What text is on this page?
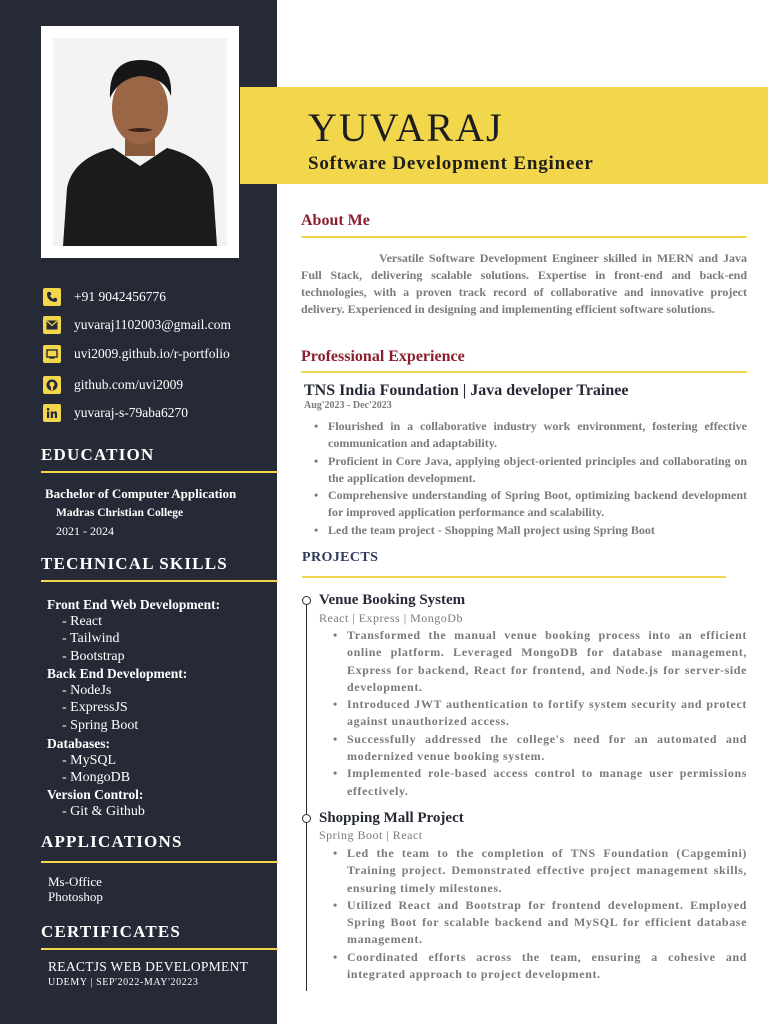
+91 9042456776
yuvaraj1102003@gmail.com
uvi2009.github.io/r-portfolio
github.com/uvi2009
yuvaraj-s-79aba6270
EDUCATION
Bachelor of Computer Application
Madras Christian College
2021 - 2024
TECHNICAL SKILLS
Front End Web Development:
- React
- Tailwind
- Bootstrap
Back End Development:
- NodeJs
- ExpressJS
- Spring Boot
Databases:
- MySQL
- MongoDB
Version Control:
- Git & Github
APPLICATIONS
Ms-Office
Photoshop
CERTIFICATES
REACTJS WEB DEVELOPMENT
UDEMY | SEP'2022-MAY'20223
YUVARAJ
Software Development Engineer
About Me
Versatile Software Development Engineer skilled in MERN and Java Full Stack, delivering scalable solutions. Expertise in front-end and back-end technologies, with a proven track record of collaborative and innovative project delivery. Experienced in designing and implementing efficient software solutions.
Professional Experience
TNS India Foundation | Java developer Trainee
Aug'2023 - Dec'2023
• Flourished in a collaborative industry work environment, fostering effective communication and adaptability.
• Proficient in Core Java, applying object-oriented principles and collaborating on the application development.
• Comprehensive understanding of Spring Boot, optimizing backend development for improved application performance and scalability.
• Led the team project - Shopping Mall project using Spring Boot
PROJECTS
Venue Booking System
React | Express | MongoDb
• Transformed the manual venue booking process into an efficient online platform. Leveraged MongoDB for database management, Express for backend, React for frontend, and Node.js for server-side development.
• Introduced JWT authentication to fortify system security and protect against unauthorized access.
• Successfully addressed the college's need for an automated and modernized venue booking system.
• Implemented role-based access control to manage user permissions effectively.
Shopping Mall Project
Spring Boot | React
• Led the team to the completion of TNS Foundation (Capgemini) Training project. Demonstrated effective project management skills, ensuring timely milestones.
• Utilized React and Bootstrap for frontend development. Employed Spring Boot for scalable backend and MySQL for efficient database management.
• Coordinated efforts across the team, ensuring a cohesive and integrated approach to project development.
